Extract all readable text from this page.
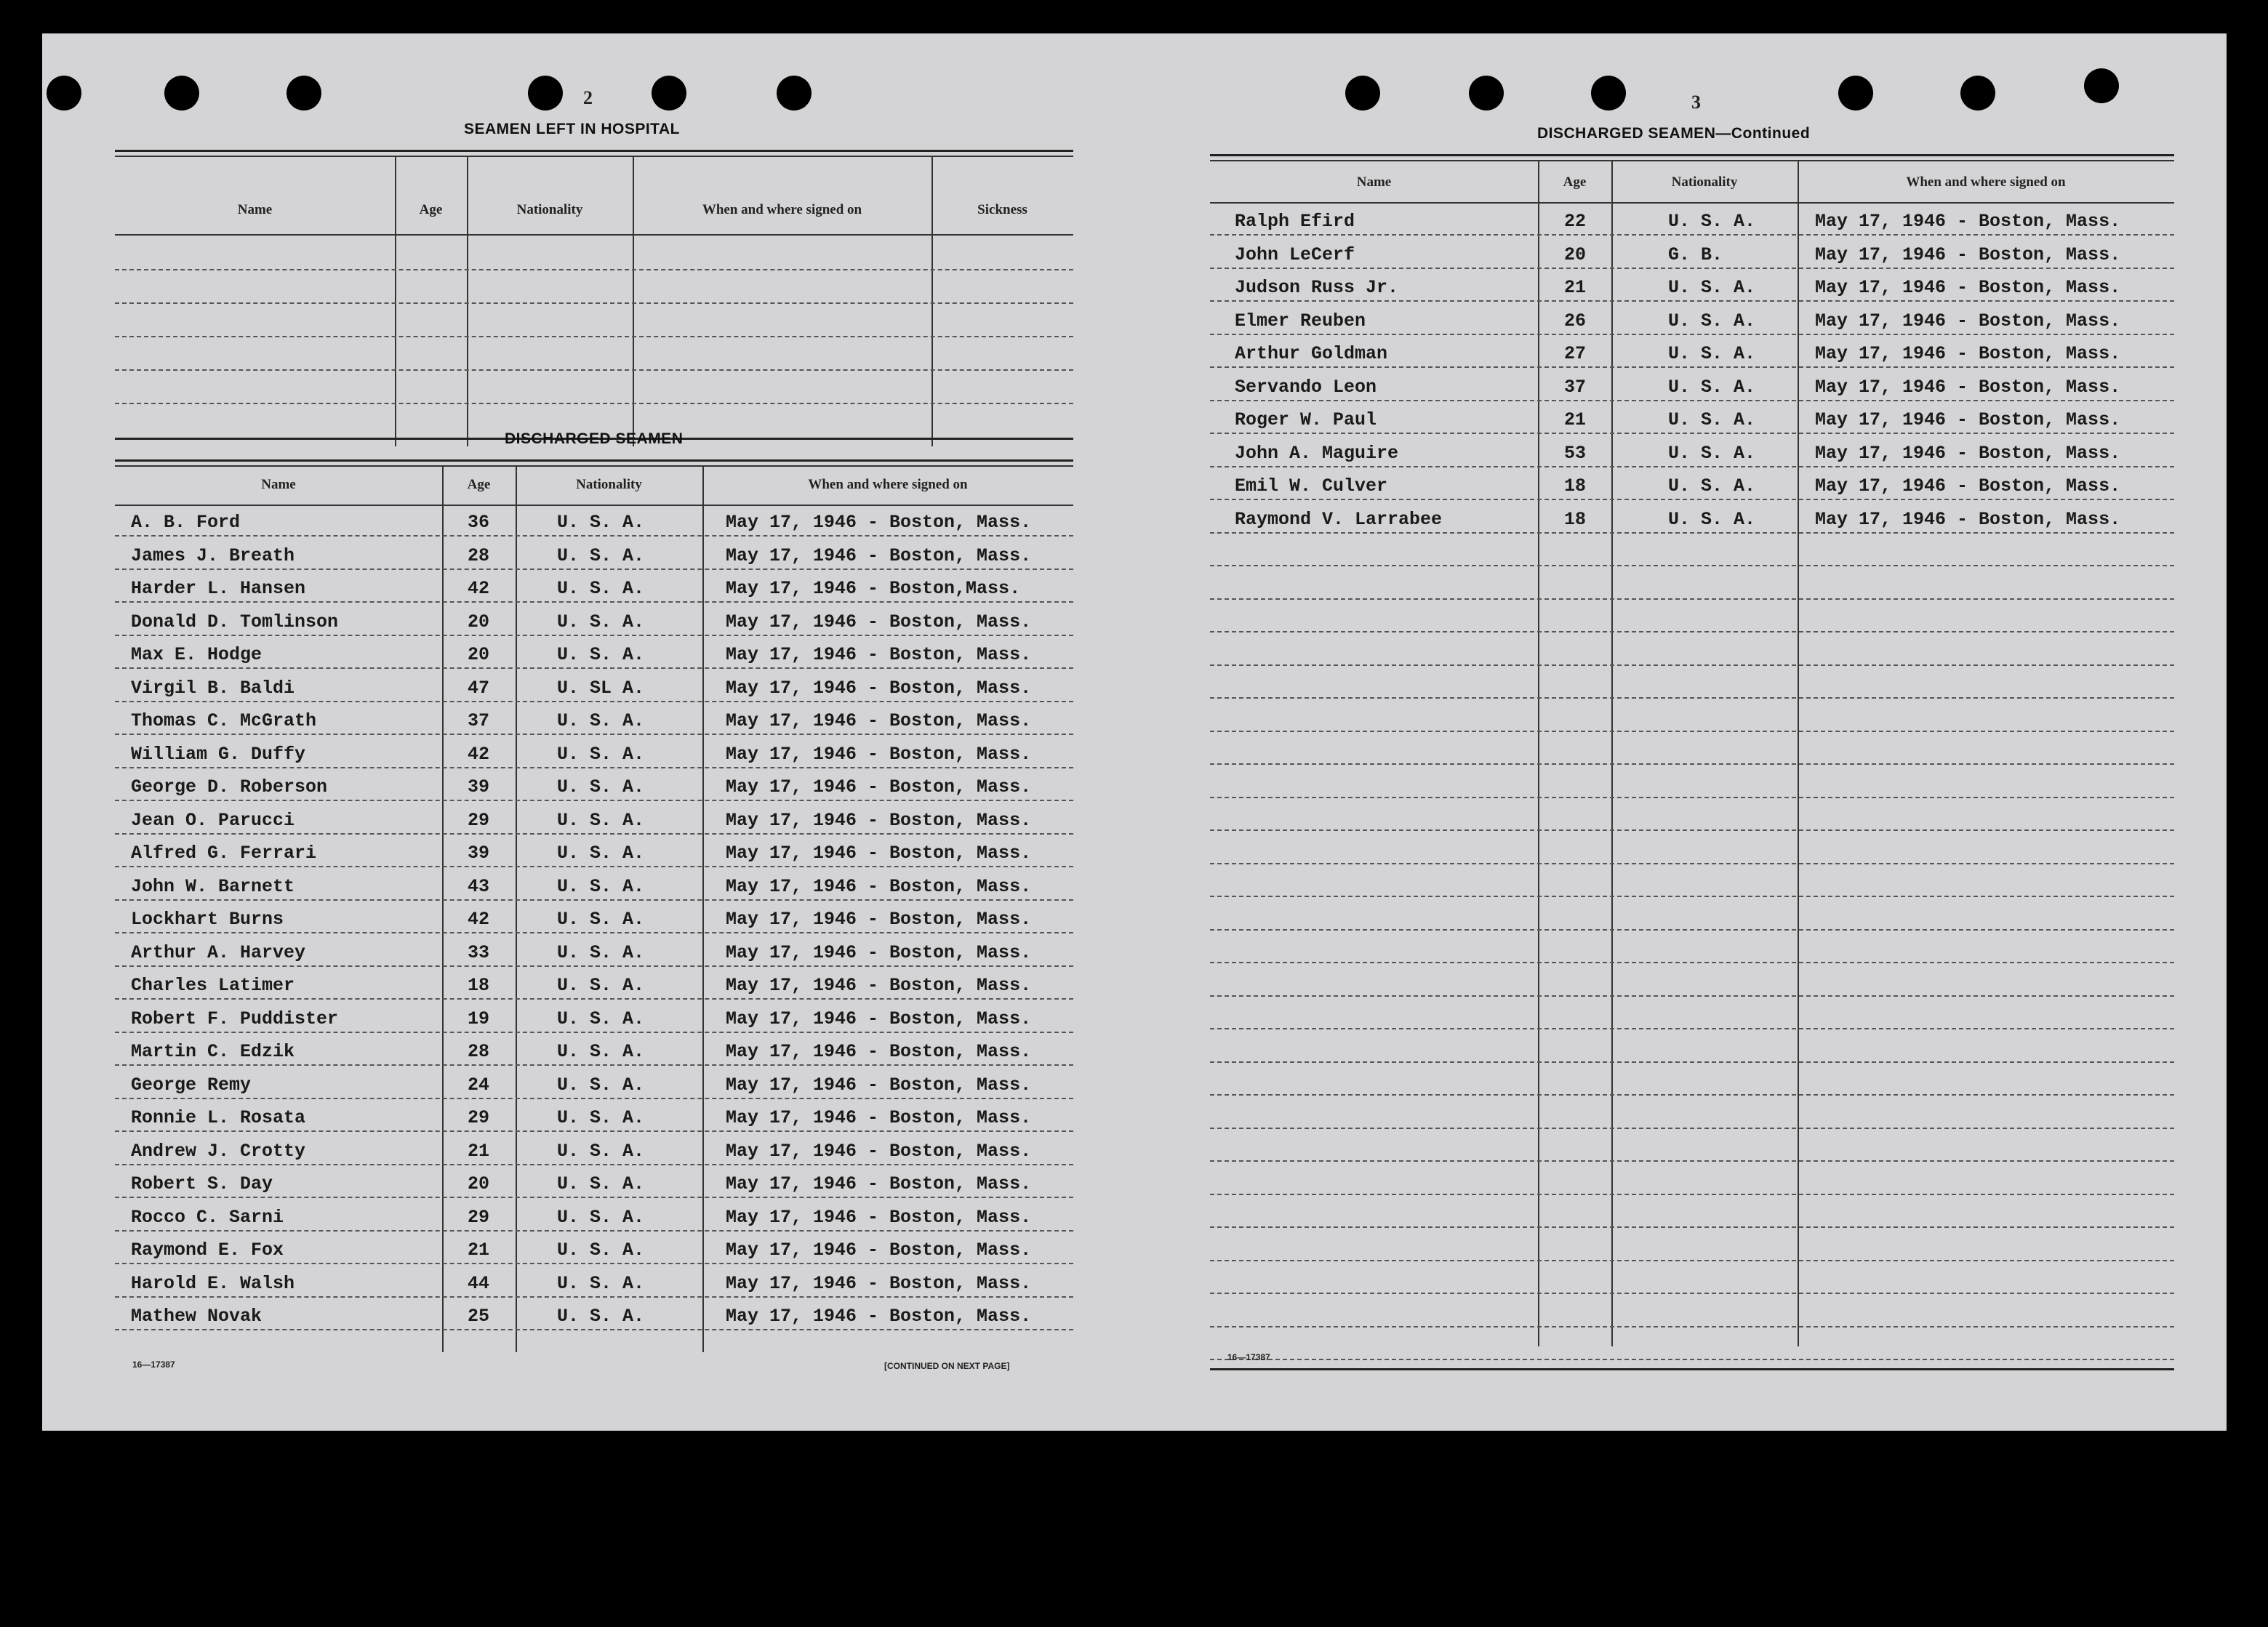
2
SEAMEN LEFT IN HOSPITAL
Name	Age	Nationality	When and where signed on	Sickness
DISCHARGED SEAMEN
Name	Age	Nationality	When and where signed on
A. B. Ford	36	U. S. A.	May 17, 1946 - Boston, Mass.
James J. Breath	28	U. S. A.	May 17, 1946 - Boston, Mass.
Harder L. Hansen	42	U. S. A.	May 17, 1946 - Boston,Mass.
Donald D. Tomlinson	20	U. S. A.	May 17, 1946 - Boston, Mass.
Max E. Hodge	20	U. S. A.	May 17, 1946 - Boston, Mass.
Virgil B. Baldi	47	U. SL A.	May 17, 1946 - Boston, Mass.
Thomas C. McGrath	37	U. S. A.	May 17, 1946 - Boston, Mass.
William G. Duffy	42	U. S. A.	May 17, 1946 - Boston, Mass.
George D. Roberson	39	U. S. A.	May 17, 1946 - Boston, Mass.
Jean O. Parucci	29	U. S. A.	May 17, 1946 - Boston, Mass.
Alfred G. Ferrari	39	U. S. A.	May 17, 1946 - Boston, Mass.
John W. Barnett	43	U. S. A.	May 17, 1946 - Boston, Mass.
Lockhart Burns	42	U. S. A.	May 17, 1946 - Boston, Mass.
Arthur A. Harvey	33	U. S. A.	May 17, 1946 - Boston, Mass.
Charles Latimer	18	U. S. A.	May 17, 1946 - Boston, Mass.
Robert F. Puddister	19	U. S. A.	May 17, 1946 - Boston, Mass.
Martin C. Edzik	28	U. S. A.	May 17, 1946 - Boston, Mass.
George Remy	24	U. S. A.	May 17, 1946 - Boston, Mass.
Ronnie L. Rosata	29	U. S. A.	May 17, 1946 - Boston, Mass.
Andrew J. Crotty	21	U. S. A.	May 17, 1946 - Boston, Mass.
Robert S. Day	20	U. S. A.	May 17, 1946 - Boston, Mass.
Rocco C. Sarni	29	U. S. A.	May 17, 1946 - Boston, Mass.
Raymond E. Fox	21	U. S. A.	May 17, 1946 - Boston, Mass.
Harold E. Walsh	44	U. S. A.	May 17, 1946 - Boston, Mass.
Mathew Novak	25	U. S. A.	May 17, 1946 - Boston, Mass.
16—17387	[CONTINUED ON NEXT PAGE]
3
DISCHARGED SEAMEN—Continued
Name	Age	Nationality	When and where signed on
Ralph Efird	22	U. S. A.	May 17, 1946 - Boston, Mass.
John LeCerf	20	G. B.	May 17, 1946 - Boston, Mass.
Judson Russ Jr.	21	U. S. A.	May 17, 1946 - Boston, Mass.
Elmer Reuben	26	U. S. A.	May 17, 1946 - Boston, Mass.
Arthur Goldman	27	U. S. A.	May 17, 1946 - Boston, Mass.
Servando Leon	37	U. S. A.	May 17, 1946 - Boston, Mass.
Roger W. Paul	21	U. S. A.	May 17, 1946 - Boston, Mass.
John A. Maguire	53	U. S. A.	May 17, 1946 - Boston, Mass.
Emil W. Culver	18	U. S. A.	May 17, 1946 - Boston, Mass.
Raymond V. Larrabee	18	U. S. A.	May 17, 1946 - Boston, Mass.
16—17387
